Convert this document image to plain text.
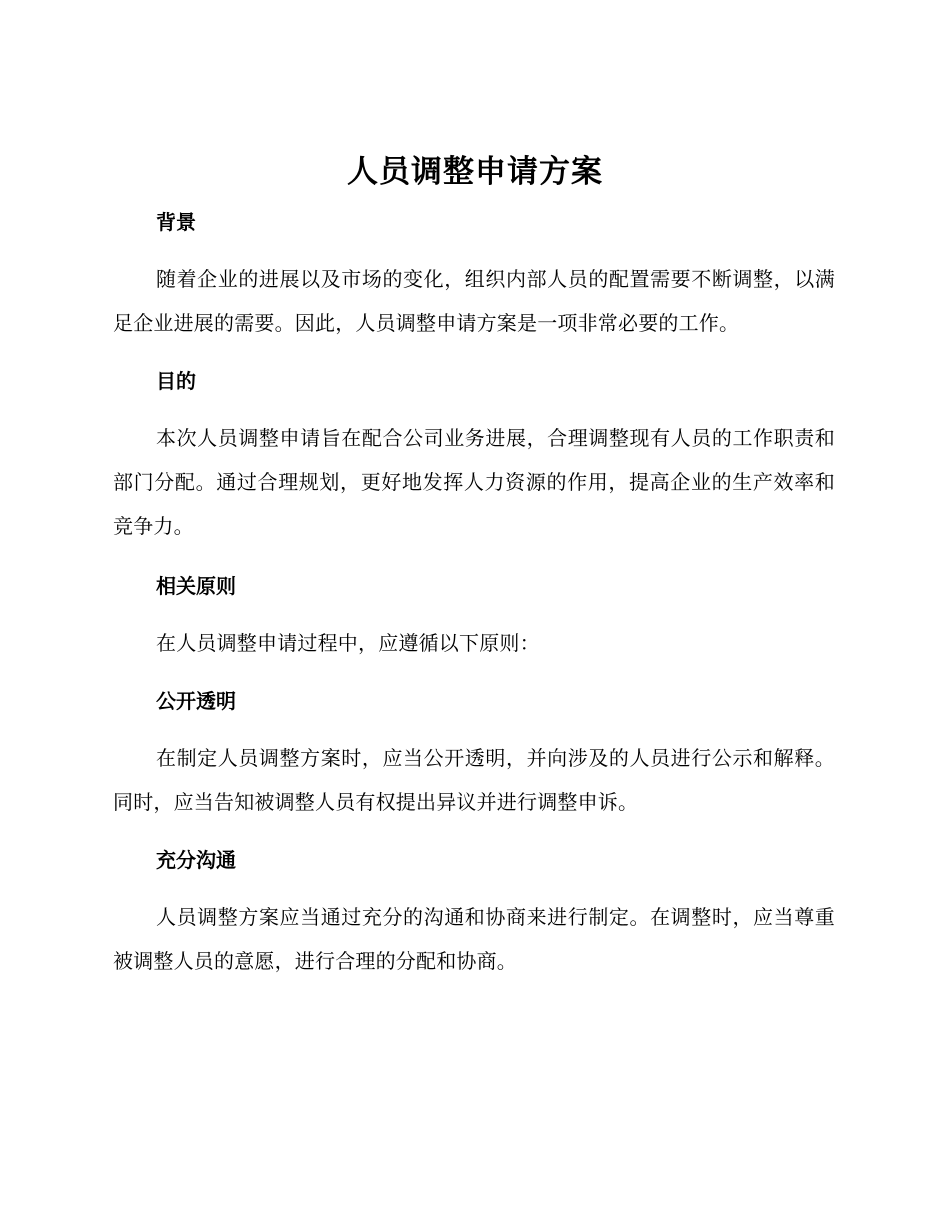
人员调整申请方案
背景

随着企业的进展以及市场的变化，组织内部人员的配置需要不断调整，以满足企业进展的需要。因此，人员调整申请方案是一项非常必要的工作。

目的

本次人员调整申请旨在配合公司业务进展，合理调整现有人员的工作职责和部门分配。通过合理规划，更好地发挥人力资源的作用，提高企业的生产效率和竞争力。

相关原则

在人员调整申请过程中，应遵循以下原则：

公开透明

在制定人员调整方案时，应当公开透明，并向涉及的人员进行公示和解释。同时，应当告知被调整人员有权提出异议并进行调整申诉。

充分沟通

人员调整方案应当通过充分的沟通和协商来进行制定。在调整时，应当尊重被调整人员的意愿，进行合理的分配和协商。
